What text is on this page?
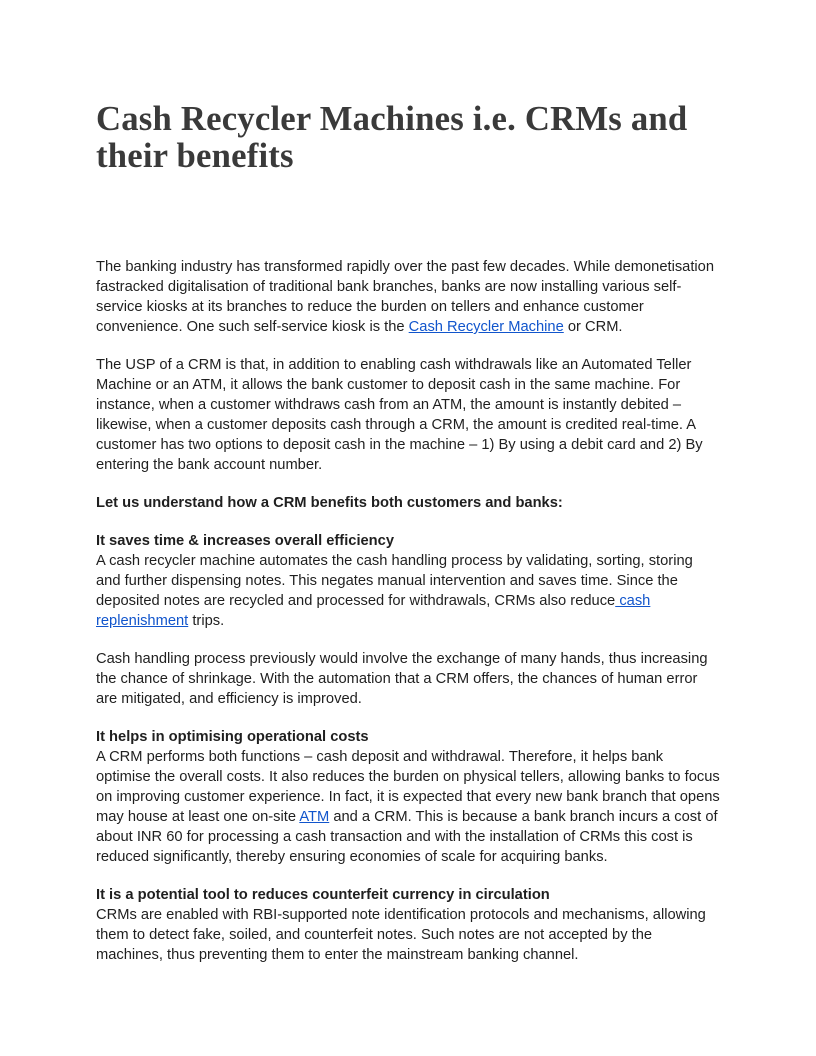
Cash Recycler Machines i.e. CRMs and their benefits

The banking industry has transformed rapidly over the past few decades. While demonetisation fastracked digitalisation of traditional bank branches, banks are now installing various self-service kiosks at its branches to reduce the burden on tellers and enhance customer convenience. One such self-service kiosk is the Cash Recycler Machine or CRM.

The USP of a CRM is that, in addition to enabling cash withdrawals like an Automated Teller Machine or an ATM, it allows the bank customer to deposit cash in the same machine. For instance, when a customer withdraws cash from an ATM, the amount is instantly debited – likewise, when a customer deposits cash through a CRM, the amount is credited real-time. A customer has two options to deposit cash in the machine – 1) By using a debit card and 2) By entering the bank account number.

Let us understand how a CRM benefits both customers and banks:

It saves time & increases overall efficiency

A cash recycler machine automates the cash handling process by validating, sorting, storing and further dispensing notes. This negates manual intervention and saves time. Since the deposited notes are recycled and processed for withdrawals, CRMs also reduce cash replenishment trips.

Cash handling process previously would involve the exchange of many hands, thus increasing the chance of shrinkage. With the automation that a CRM offers, the chances of human error are mitigated, and efficiency is improved.

It helps in optimising operational costs

A CRM performs both functions – cash deposit and withdrawal. Therefore, it helps bank optimise the overall costs. It also reduces the burden on physical tellers, allowing banks to focus on improving customer experience. In fact, it is expected that every new bank branch that opens may house at least one on-site ATM and a CRM. This is because a bank branch incurs a cost of about INR 60 for processing a cash transaction and with the installation of CRMs this cost is reduced significantly, thereby ensuring economies of scale for acquiring banks.

It is a potential tool to reduces counterfeit currency in circulation

CRMs are enabled with RBI-supported note identification protocols and mechanisms, allowing them to detect fake, soiled, and counterfeit notes. Such notes are not accepted by the machines, thus preventing them to enter the mainstream banking channel.
